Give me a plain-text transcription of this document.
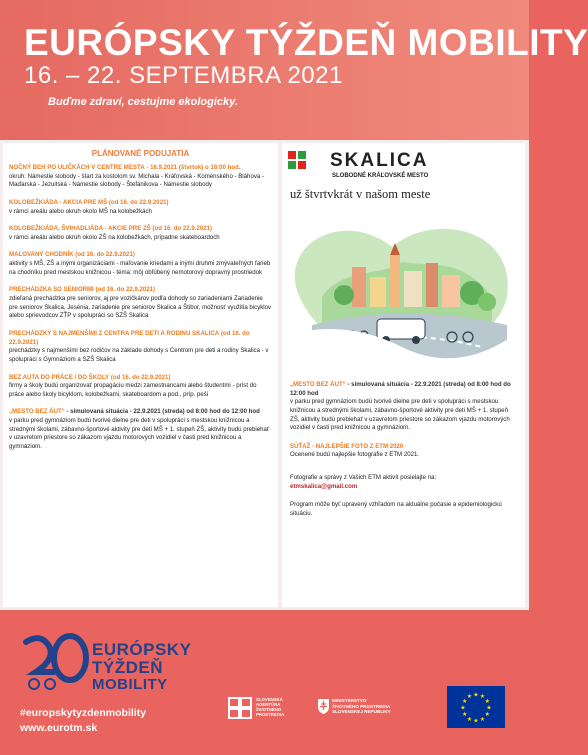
EURÓPSKY TÝŽDEŇ MOBILITY
16. – 22. SEPTEMBRA 2021
Buďme zdraví, cestujme ekologicky.
PLÁNOVANÉ PODUJATIA
NOČNÝ BEH PO ULIČKÁCH V CENTRE MESTA - 16.9.2021 (štvrtok) o 18:00 hod.
okruh: Námestie slobody - štart za kostolom sv. Michala - Kráľovská - Komenského - Bláhova - Maďarská - Jezuitská - Námestie slobody - Štefánikova - Námestie slobody
KOLOBEŽKIÁDA - AKCIA PRE MŠ (od 16. do 22.9.2021)
v rámci areálu alebo okruh okolo MŠ na kolobežkách
KOLOBEŽKIÁDA, ŠVIHADLIÁDA - AKCIE PRE ZŠ (od 16. do 22.9.2021)
v rámci areálu alebo okruh okolo ZŠ na kolobežkách, prípadne skateboardoch
MAĽOVANÝ CHODNÍK (od 16. do 22.9.2021)
aktivity s MŠ, ZŠ a inými organizáciami - maľovanie kriedami a inými druhmi zmývateľných farieb na chodníku pred mestskou knižnicou - téma: môj obľúbený nemotorový dopravný prostriedok
PRECHÁDZKA SO SENIORMI (od 16. do 22.9.2021)
zdieľaná prechádzka pre seniorov, aj pre vozičkárov podľa dohody so zariadeniami Zariadenie pre seniorov Skalica, Jesénia, zariadenie pre seniorov Skalica a Štibor, možnosť využitia bicyklov alebo sprievodcov ZŤP v spolupráci so SZŠ Skalica
PRECHÁDZKY S NAJMENŠÍMI Z CENTRA PRE DETI A RODINU SKALICA (od 16. do 22.9.2021)
prechádzky s najmenšími bez rodičov na základe dohody s Centrom pre deti a rodiny Skalica - v spolupráci s Gymnáziom a SZŠ Skalica
BEZ AUTA DO PRÁCE / DO ŠKOLY (od 16. do 22.9.2021)
firmy a školy budú organizovať propagáciu medzi zamestnancami alebo študentmi - príst do práce alebo školy bicyklom, kolobežkami, skateboardom a pod., príp. peši
„MESTO BEZ ÁUT“ - simulovaná situácia - 22.9.2021 (streda) od 8:00 hod do 12:00 hod
v parku pred gymnáziom budú tvorivé dielne pre deti v spolupráci s mestskou knižnicou a strednými školami, zábavno-športové aktivity pre deti MŠ + 1. stupeň ZŠ, aktivity budú prebiehať v uzavretom priestore so zákazom vjazdu motorových vozidiel v časti pred knižnicou a gymnáziom.
SKALICA
SLOBODNÉ KRÁĽOVSKÉ MESTO
už štvrtvkrát v našom meste
„MESTO BEZ ÁUT“ - simulovaná situácia - 22.9.2021 (streda) od 8:00 hod do 12:00 hod
v parku pred gymnáziom budú tvorivé dielne pre deti v spolupráci s mestskou knižnicou a strednými školami, zábavno-športové aktivity pre deti MŠ + 1. stupeň ZŠ, aktivity budú prebiehať v uzavretom priestore so zákazom vjazdu motorových vozidiel v časti pred knižnicou a gymnáziom.
SÚŤAŽ - NAJLEPŠIE FOTO Z ETM 2020
Ocenené budú najlepšie fotografie z ETM 2021.
Fotografie a správy z Vašich ETM aktivít posielajte na:
etmskalica@gmail.com
Program môže byť upravený vzhľadom na aktuálne počasie a epidemiologickú situáciu.
EURÓPSKY
TÝŽDEŇ
MOBILITY
#europskytyzdenmobility
www.eurotm.sk
SLOVENSKÁ
AGENTÚRA
ŽIVOTNÉHO
PROSTREDIA
MINISTERSTVO
ŽIVOTNÉHO PROSTREDIA
SLOVENSKEJ REPUBLIKY
★ ★
★
★
★
★
★
★
★
★
★
★
